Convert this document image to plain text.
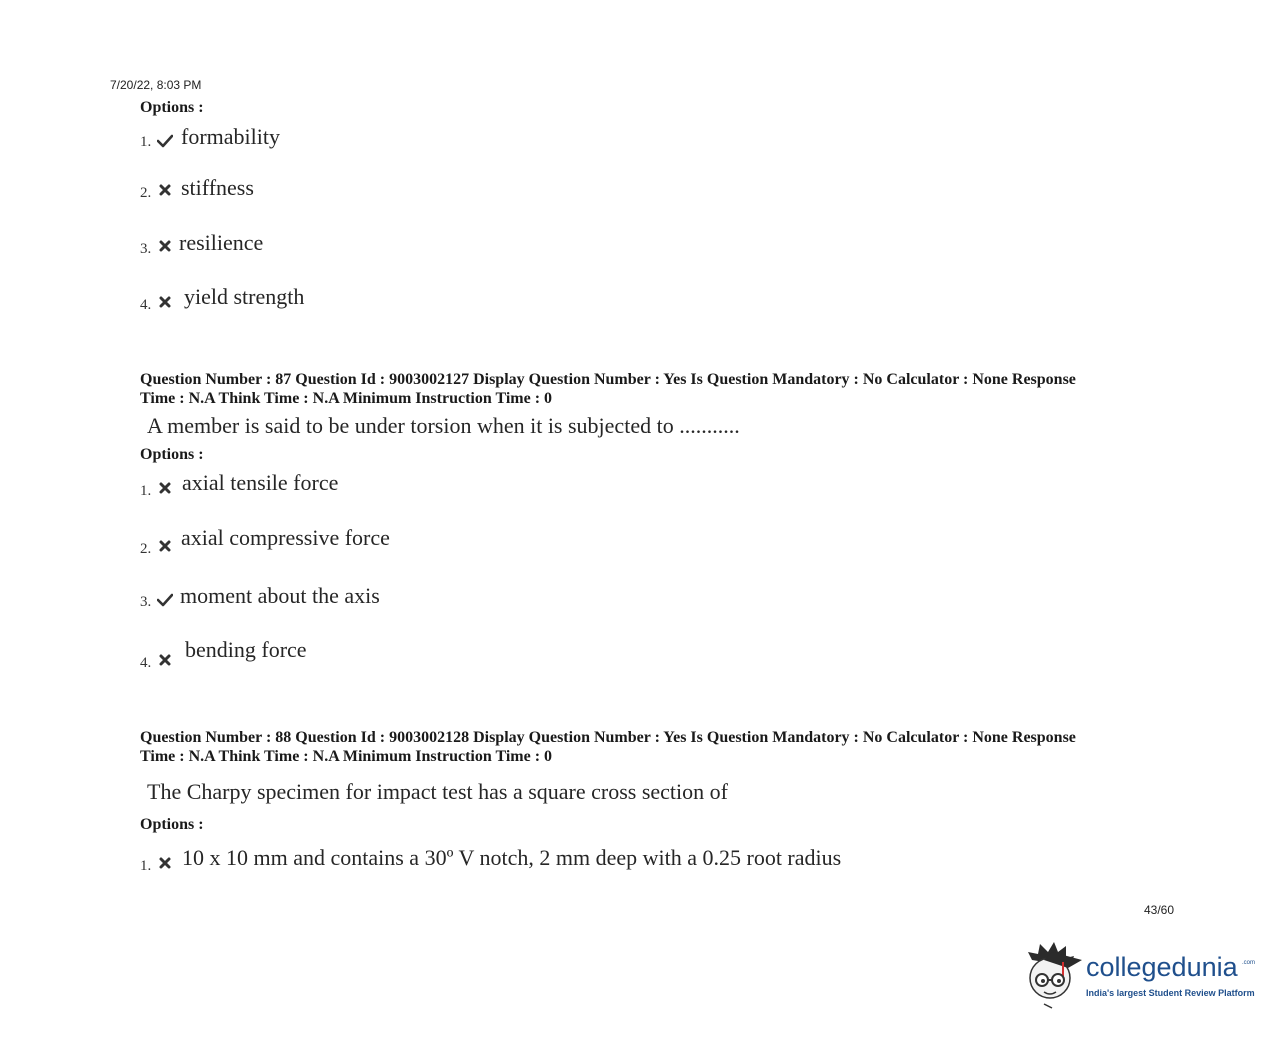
7/20/22, 8:03 PM
Options :
1. formability
2. stiffness
3. resilience
4. yield strength
Question Number : 87 Question Id : 9003002127 Display Question Number : Yes Is Question Mandatory : No Calculator : None Response
Time : N.A Think Time : N.A Minimum Instruction Time : 0
A member is said to be under torsion when it is subjected to ...........
Options :
1. axial tensile force
2. axial compressive force
3. moment about the axis
4.
bending force
Question Number : 88 Question Id : 9003002128 Display Question Number : Yes Is Question Mandatory : No Calculator : None Response
Time : N.A Think Time : N.A Minimum Instruction Time : 0
The Charpy specimen for impact test has a square cross section of
Options :
1. 10 x 10 mm and contains a 30º V notch, 2 mm deep with a 0.25 root radius
43/60
collegedunia .com
India's largest Student Review Platform
